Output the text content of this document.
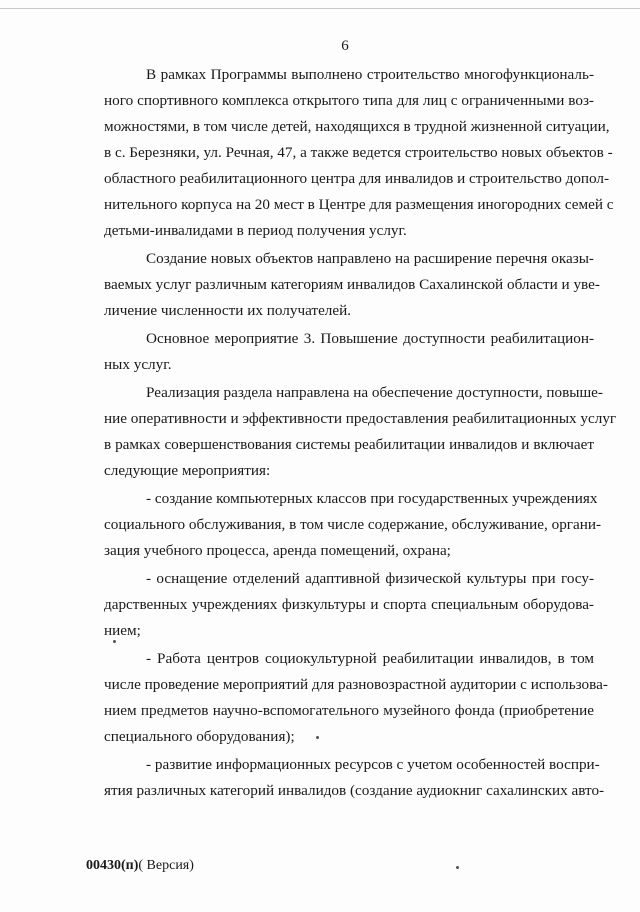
6
В рамках Программы выполнено строительство многофункциональ-
ного спортивного комплекса открытого типа для лиц с ограниченными воз-
можностями, в том числе детей, находящихся в трудной жизненной ситуации,
в с. Березняки, ул. Речная, 47, а также ведется строительство новых объектов -
областного реабилитационного центра для инвалидов и строительство допол-
нительного корпуса на 20 мест в Центре для размещения иногородних семей с
детьми-инвалидами в период получения услуг.
Создание новых объектов направлено на расширение перечня оказы-
ваемых услуг различным категориям инвалидов Сахалинской области и уве-
личение численности их получателей.
Основное мероприятие 3. Повышение доступности реабилитацион-
ных услуг.
Реализация раздела направлена на обеспечение доступности, повыше-
ние оперативности и эффективности предоставления реабилитационных услуг
в рамках совершенствования системы реабилитации инвалидов и включает
следующие мероприятия:
- создание компьютерных классов при государственных учреждениях
социального обслуживания, в том числе содержание, обслуживание, органи-
зация учебного процесса, аренда помещений, охрана;
- оснащение отделений адаптивной физической культуры при госу-
дарственных учреждениях физкультуры и спорта специальным оборудова-
нием;
- Работа центров социокультурной реабилитации инвалидов, в том
числе проведение мероприятий для разновозрастной аудитории с использова-
нием предметов научно-вспомогательного музейного фонда (приобретение
специального оборудования);
- развитие информационных ресурсов с учетом особенностей воспри-
ятия различных категорий инвалидов (создание аудиокниг сахалинских авто-
00430(п)( Версия)
